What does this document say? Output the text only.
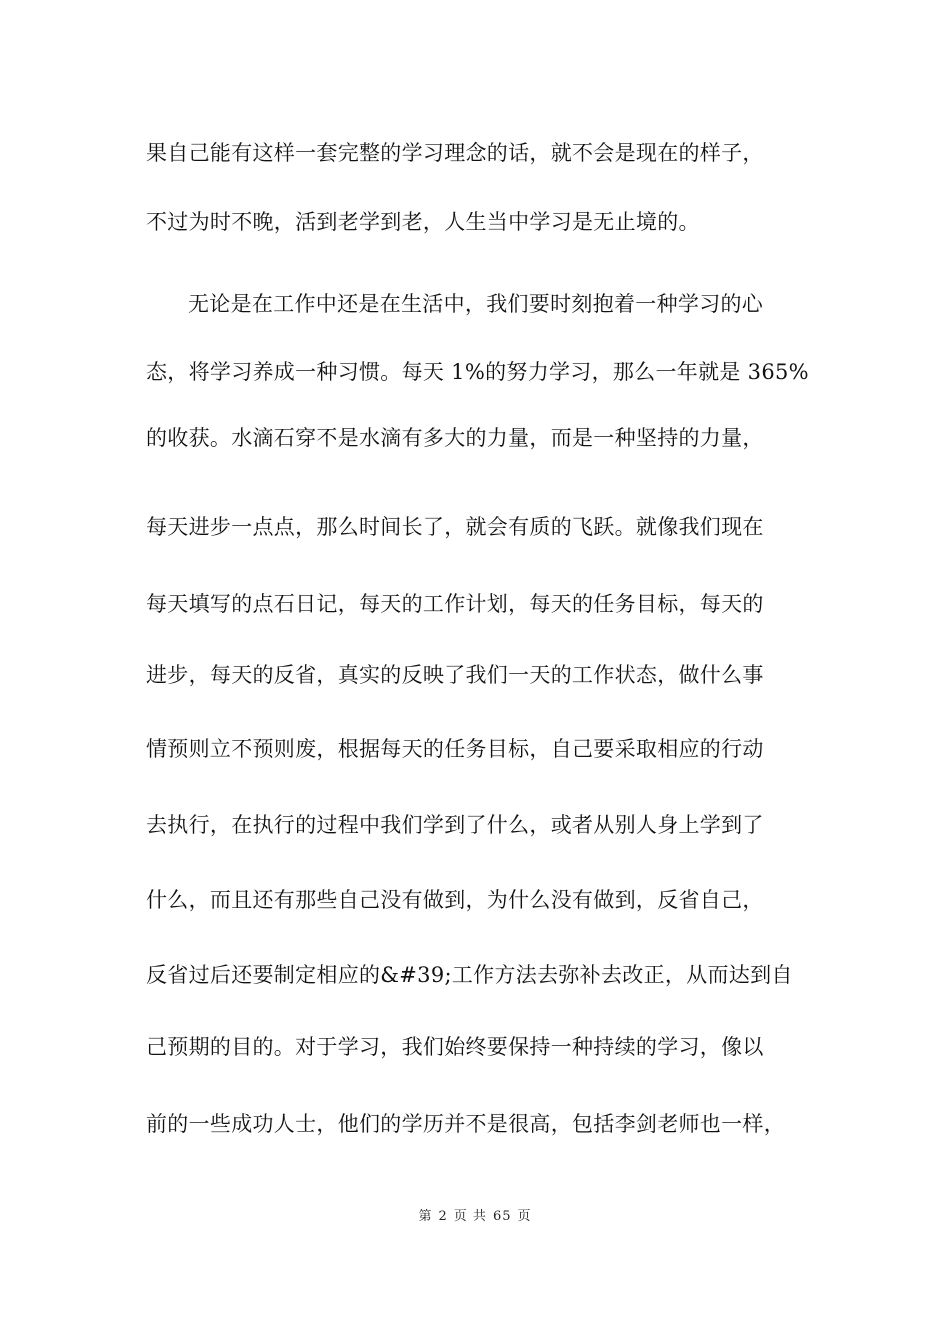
果自己能有这样一套完整的学习理念的话，就不会是现在的样子，
不过为时不晚，活到老学到老，人生当中学习是无止境的。
无论是在工作中还是在生活中，我们要时刻抱着一种学习的心
态，将学习养成一种习惯。每天 1%的努力学习，那么一年就是 365%
的收获。水滴石穿不是水滴有多大的力量，而是一种坚持的力量，
每天进步一点点，那么时间长了，就会有质的飞跃。就像我们现在
每天填写的点石日记，每天的工作计划，每天的任务目标，每天的
进步，每天的反省，真实的反映了我们一天的工作状态，做什么事
情预则立不预则废，根据每天的任务目标，自己要采取相应的行动
去执行，在执行的过程中我们学到了什么，或者从别人身上学到了
什么，而且还有那些自己没有做到，为什么没有做到，反省自己，
反省过后还要制定相应的&#39;工作方法去弥补去改正，从而达到自
己预期的目的。对于学习，我们始终要保持一种持续的学习，像以
前的一些成功人士，他们的学历并不是很高，包括李剑老师也一样，
第 2 页 共 65 页
